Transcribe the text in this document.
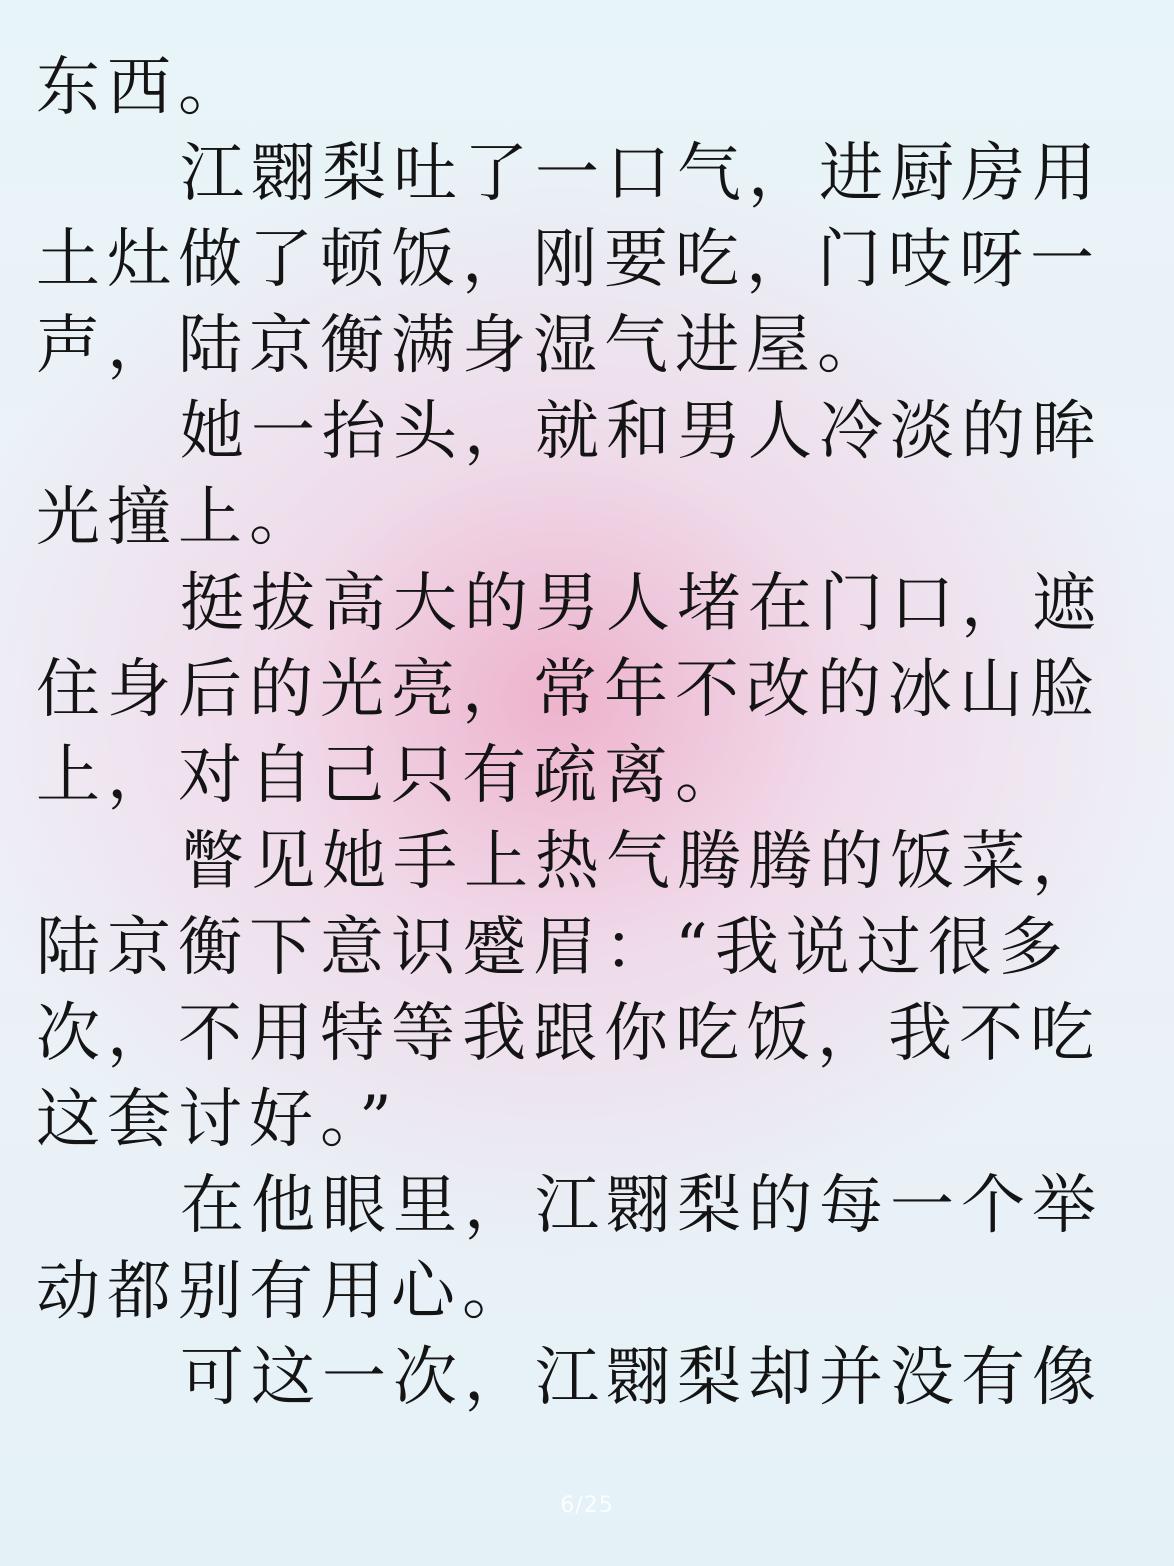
东西。
江翾梨吐了一口气，进厨房用
土灶做了顿饭，刚要吃，门吱呀一
声，陆京衡满身湿气进屋。
她一抬头，就和男人冷淡的眸
光撞上。
挺拔高大的男人堵在门口，遮
住身后的光亮，常年不改的冰山脸
上，对自己只有疏离。
瞥见她手上热气腾腾的饭菜，
陆京衡下意识蹙眉：“我说过很多
次，不用特等我跟你吃饭，我不吃
这套讨好。”
在他眼里，江翾梨的每一个举
动都别有用心。
可这一次，江翾梨却并没有像
6/25
